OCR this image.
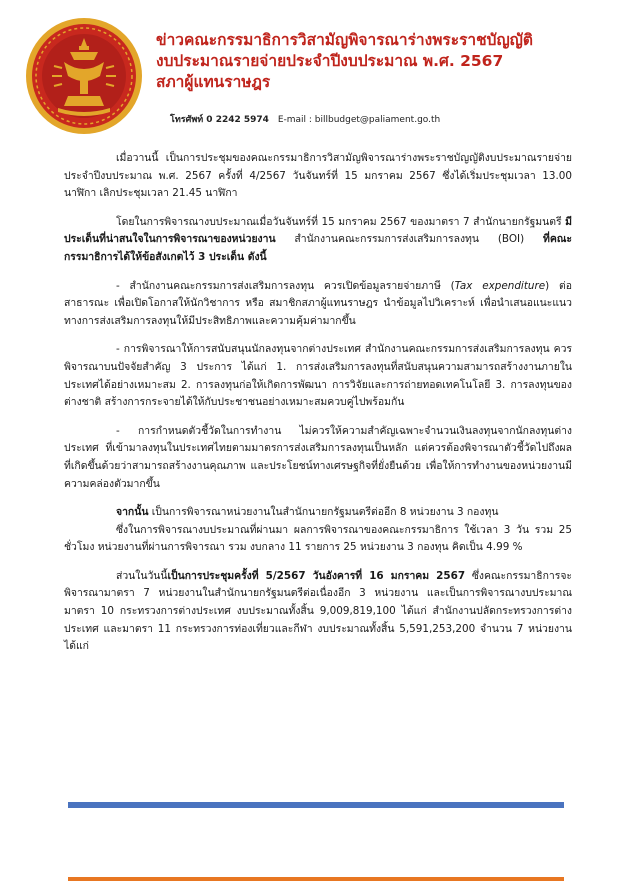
ข่าวคณะกรรมาธิการวิสามัญพิจารณาร่างพระราชบัญญัติ
งบประมาณรายจ่ายประจำปีงบประมาณ พ.ศ. 2567
สภาผู้แทนราษฎร
โทรศัพท์ 0 2242 5974 E-mail : billbudget@paliament.go.th

เมื่อวานนี้ เป็นการประชุมของคณะกรรมาธิการวิสามัญพิจารณาร่างพระราชบัญญัติงบประมาณรายจ่ายประจำปีงบประมาณ พ.ศ. 2567 ครั้งที่ 4/2567 วันจันทร์ที่ 15 มกราคม 2567 ซึ่งได้เริ่มประชุมเวลา 13.00 นาฬิกา เลิกประชุมเวลา 21.45 นาฬิกา

โดยในการพิจารณางบประมาณเมื่อวันจันทร์ที่ 15 มกราคม 2567 ของมาตรา 7 สำนักนายกรัฐมนตรี มีประเด็นที่น่าสนใจในการพิจารณาของหน่วยงาน สำนักงานคณะกรรมการส่งเสริมการลงทุน (BOI) ที่คณะกรรมาธิการได้ให้ข้อสังเกตไว้ 3 ประเด็น ดังนี้

- สำนักงานคณะกรรมการส่งเสริมการลงทุน ควรเปิดข้อมูลรายจ่ายภาษี (Tax expenditure) ต่อสาธารณะ เพื่อเปิดโอกาสให้นักวิชาการ หรือ สมาชิกสภาผู้แทนราษฎร นำข้อมูลไปวิเคราะห์ เพื่อนำเสนอแนะแนวทางการส่งเสริมการลงทุนให้มีประสิทธิภาพและความคุ้มค่ามากขึ้น

- การพิจารณาให้การสนับสนุนนักลงทุนจากต่างประเทศ สำนักงานคณะกรรมการส่งเสริมการลงทุน ควรพิจารณาบนปัจจัยสำคัญ 3 ประการ ได้แก่ 1. การส่งเสริมการลงทุนที่สนับสนุนความสามารถสร้างงานภายในประเทศได้อย่างเหมาะสม 2. การลงทุนก่อให้เกิดการพัฒนา การวิจัยและการถ่ายทอดเทคโนโลยี 3. การลงทุนของต่างชาติ สร้างการกระจายได้ให้กับประชาชนอย่างเหมาะสมควบคู่ไปพร้อมกัน

- การกำหนดตัวชี้วัดในการทำงาน ไม่ควรให้ความสำคัญเฉพาะจำนวนเงินลงทุนจากนักลงทุนต่างประเทศ ที่เข้ามาลงทุนในประเทศไทยตามมาตรการส่งเสริมการลงทุนเป็นหลัก แต่ควรต้องพิจารณาตัวชี้วัดไปถึงผลที่เกิดขึ้นด้วยว่าสามารถสร้างงานคุณภาพ และประโยชน์ทางเศรษฐกิจที่ยั่งยืนด้วย เพื่อให้การทำงานของหน่วยงานมีความคล่องตัวมากขึ้น

จากนั้น เป็นการพิจารณาหน่วยงานในสำนักนายกรัฐมนตรีต่ออีก 8 หน่วยงาน 3 กองทุน

ซึ่งในการพิจารณางบประมาณที่ผ่านมา ผลการพิจารณาของคณะกรรมาธิการ ใช้เวลา 3 วัน รวม 25 ชั่วโมง หน่วยงานที่ผ่านการพิจารณา รวม งบกลาง 11 รายการ 25 หน่วยงาน 3 กองทุน คิดเป็น 4.99 %

ส่วนในวันนี้เป็นการประชุมครั้งที่ 5/2567 วันอังคารที่ 16 มกราคม 2567 ซึ่งคณะกรรมาธิการจะพิจารณามาตรา 7 หน่วยงานในสำนักนายกรัฐมนตรีต่อเนื่องอีก 3 หน่วยงาน และเป็นการพิจารณางบประมาณ มาตรา 10 กระทรวงการต่างประเทศ งบประมาณทั้งสิ้น 9,009,819,100 ได้แก่ สำนักงานปลัดกระทรวงการต่างประเทศ และมาตรา 11 กระทรวงการท่องเที่ยวและกีฬา งบประมาณทั้งสิ้น 5,591,253,200 จำนวน 7 หน่วยงาน ได้แก่
